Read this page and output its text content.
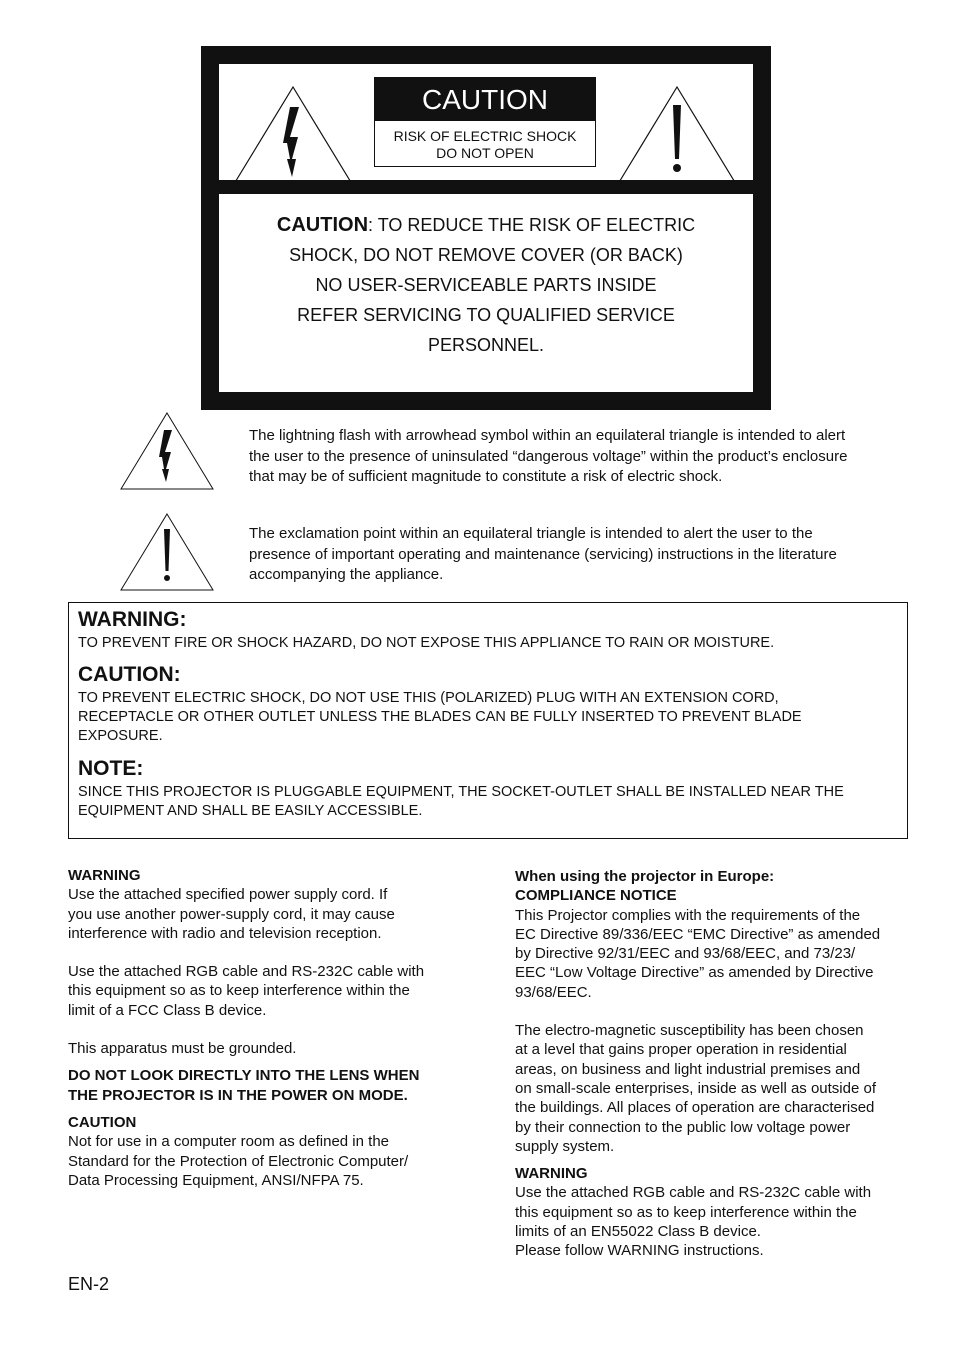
CAUTION
RISK OF ELECTRIC SHOCK
DO NOT OPEN
CAUTION: TO REDUCE THE RISK OF ELECTRIC
SHOCK, DO NOT REMOVE COVER (OR BACK)
NO USER-SERVICEABLE PARTS INSIDE
REFER SERVICING TO QUALIFIED SERVICE
PERSONNEL.
The lightning flash with arrowhead symbol within an equilateral triangle is intended to alert
the user to the presence of uninsulated “dangerous voltage” within the product’s enclosure
that may be of sufficient magnitude to constitute a risk of electric shock.
The exclamation point within an equilateral triangle is intended to alert the user to the
presence of important operating and maintenance (servicing) instructions in the literature
accompanying the appliance.
WARNING:
TO PREVENT FIRE OR SHOCK HAZARD, DO NOT EXPOSE THIS APPLIANCE TO RAIN OR MOISTURE.
CAUTION:
TO PREVENT ELECTRIC SHOCK, DO NOT USE THIS (POLARIZED) PLUG WITH AN EXTENSION CORD,
RECEPTACLE OR OTHER OUTLET UNLESS THE BLADES CAN BE FULLY INSERTED TO PREVENT BLADE
EXPOSURE.
NOTE:
SINCE THIS PROJECTOR IS PLUGGABLE EQUIPMENT, THE SOCKET-OUTLET SHALL BE INSTALLED NEAR THE
EQUIPMENT AND SHALL BE EASILY ACCESSIBLE.

WARNING

Use the attached specified power supply cord. If
you use another power-supply cord, it may cause
interference with radio and television reception.

Use the attached RGB cable and RS-232C cable with
this equipment so as to keep interference within the
limit of a FCC Class B device.

This apparatus must be grounded.

DO NOT LOOK DIRECTLY INTO THE LENS WHEN
THE PROJECTOR IS IN THE POWER ON MODE.

CAUTION

Not for use in a computer room as defined in the
Standard for the Protection of Electronic Computer/
Data Processing Equipment, ANSI/NFPA 75.

When using the projector in Europe:

COMPLIANCE NOTICE

This Projector complies with the requirements of the
EC Directive 89/336/EEC “EMC Directive” as amended
by Directive 92/31/EEC and 93/68/EEC, and 73/23/
EEC “Low Voltage Directive” as amended by Directive
93/68/EEC.

The electro-magnetic susceptibility has been chosen
at a level that gains proper operation in residential
areas, on business and light industrial premises and
on small-scale enterprises, inside as well as outside of
the buildings. All places of operation are characterised
by their connection to the public low voltage power
supply system.

WARNING

Use the attached RGB cable and RS-232C cable with
this equipment so as to keep interference within the
limits of an EN55022 Class B device.
Please follow WARNING instructions.

EN-2
